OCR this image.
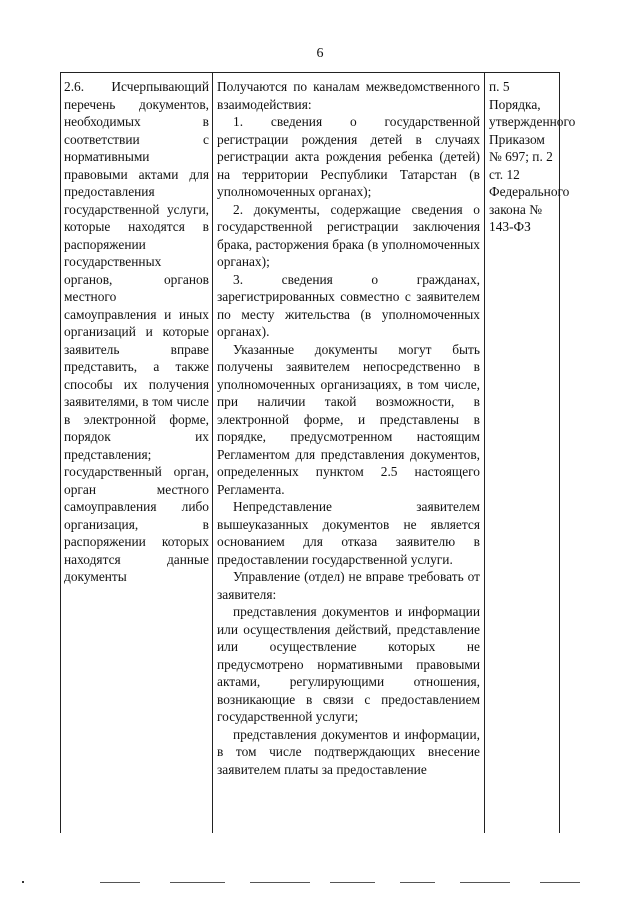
6

2.6. Исчерпывающий перечень документов, необходимых в соответствии с нормативными правовыми актами для предоставления государственной услуги, которые находятся в распоряжении государственных органов, органов местного самоуправления и иных организаций и которые заявитель вправе представить, а также способы их получения заявителями, в том числе в электронной форме, порядок их представления; государственный орган, орган местного самоуправления либо организация, в распоряжении которых находятся данные документы

Получаются по каналам межведомственного взаимодействия:

1. сведения о государственной регистрации рождения детей в случаях регистрации акта рождения ребенка (детей) на территории Республики Татарстан (в уполномоченных органах);

2. документы, содержащие сведения о государственной регистрации заключения брака, расторжения брака (в уполномоченных органах);

3. сведения о гражданах, зарегистрированных совместно с заявителем по месту жительства (в уполномоченных органах).

Указанные документы могут быть получены заявителем непосредственно в уполномоченных организациях, в том числе, при наличии такой возможности, в электронной форме, и представлены в порядке, предусмотренном настоящим Регламентом для представления документов, определенных пунктом 2.5 настоящего Регламента.

Непредставление заявителем вышеуказанных документов не является основанием для отказа заявителю в предоставлении государственной услуги.

Управление (отдел) не вправе требовать от заявителя:

представления документов и информации или осуществления действий, представление или осуществление которых не предусмотрено нормативными правовыми актами, регулирующими отношения, возникающие в связи с предоставлением государственной услуги;

представления документов и информации, в том числе подтверждающих внесение заявителем платы за предоставление

п. 5 Порядка, утвержденного Приказом № 697; п. 2 ст. 12 Федерального закона № 143-ФЗ
